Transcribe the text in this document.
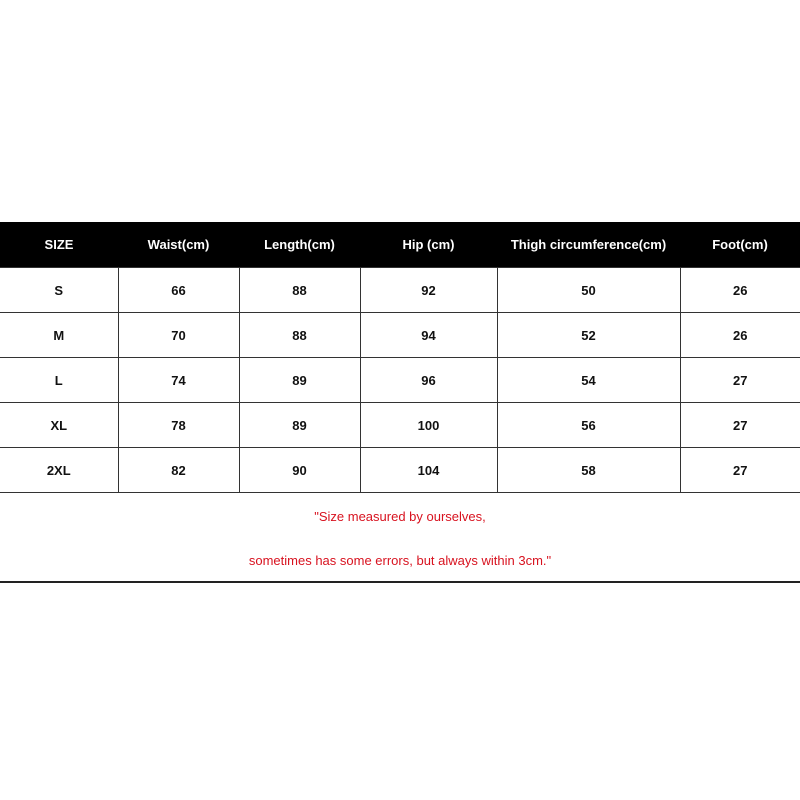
SIZE	Waist(cm)	Length(cm)	Hip (cm)	Thigh circumference(cm)	Foot(cm)
S	66	88	92	50	26
M	70	88	94	52	26
L	74	89	96	54	27
XL	78	89	100	56	27
2XL	82	90	104	58	27
"Size measured by ourselves,
sometimes has some errors, but always within 3cm."
